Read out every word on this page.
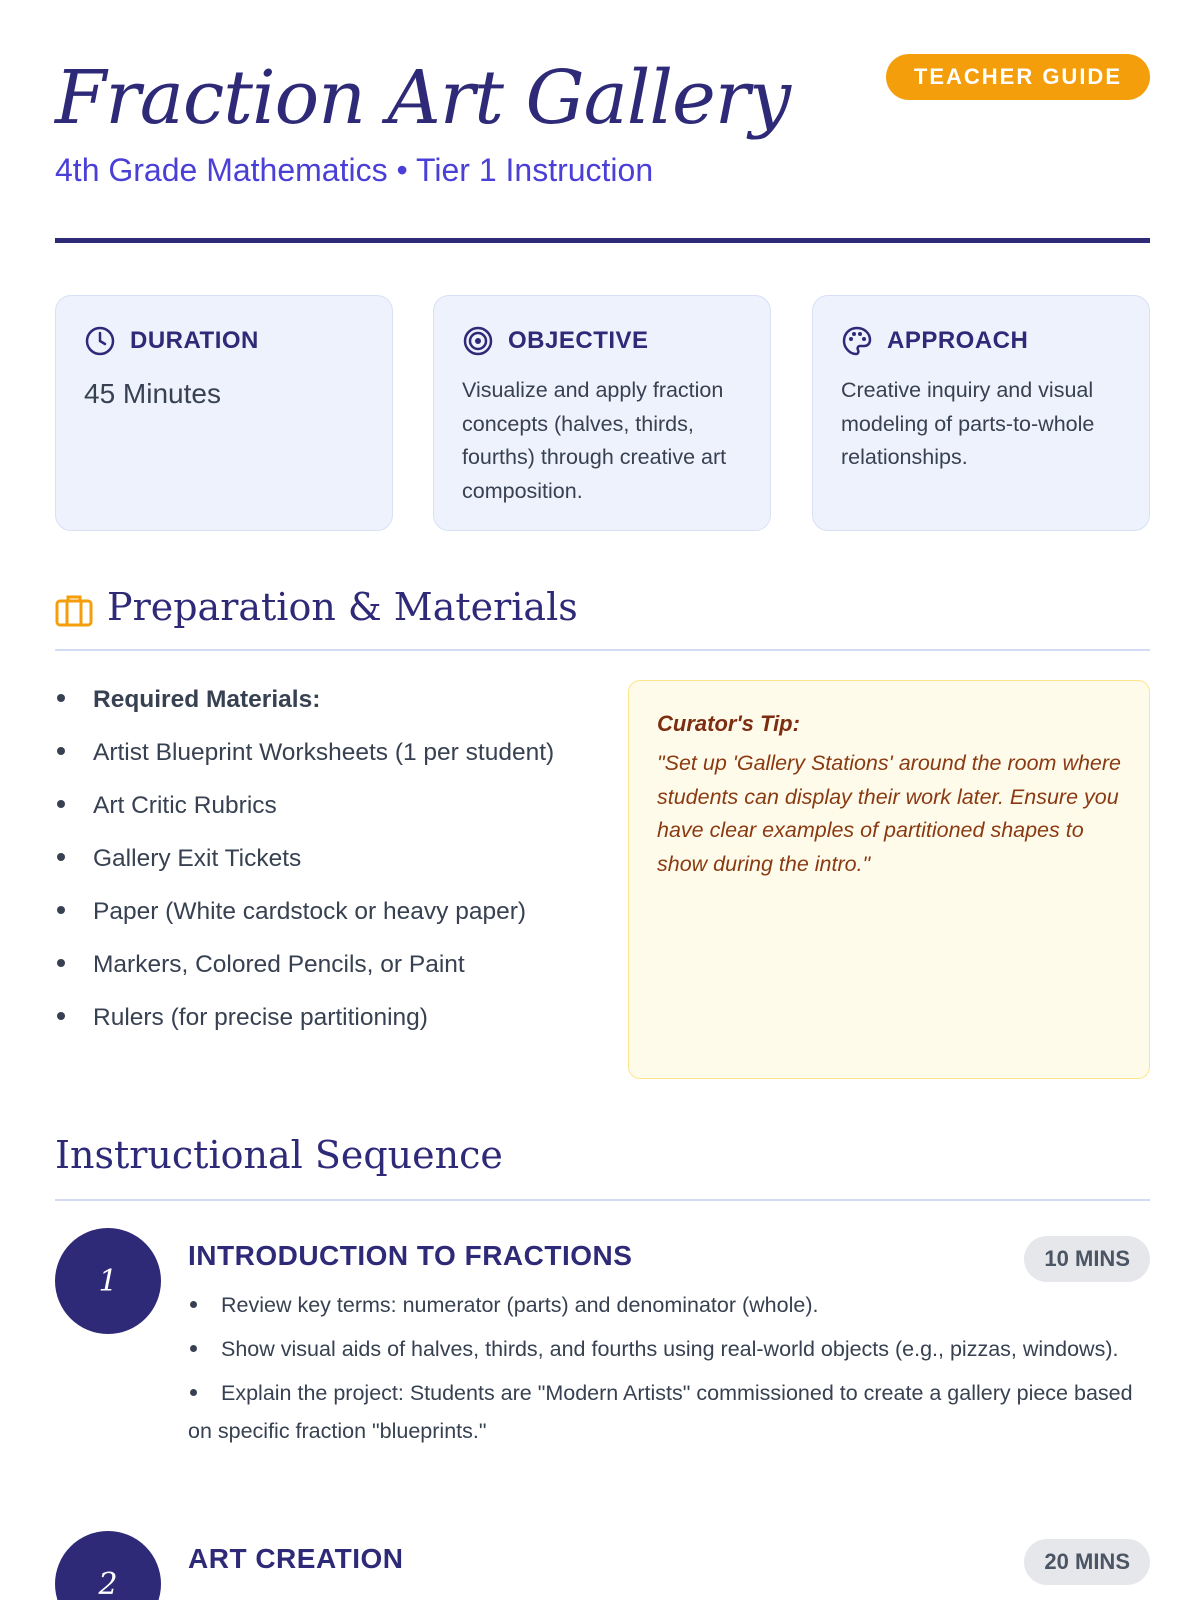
Fraction Art Gallery
4th Grade Mathematics • Tier 1 Instruction
TEACHER GUIDE
DURATION
45 Minutes
OBJECTIVE
Visualize and apply fraction concepts (halves, thirds, fourths) through creative art composition.
APPROACH
Creative inquiry and visual modeling of parts-to-whole relationships.
Preparation & Materials
Required Materials:
Artist Blueprint Worksheets (1 per student)
Art Critic Rubrics
Gallery Exit Tickets
Paper (White cardstock or heavy paper)
Markers, Colored Pencils, or Paint
Rulers (for precise partitioning)
Curator's Tip:
"Set up 'Gallery Stations' around the room where students can display their work later. Ensure you have clear examples of partitioned shapes to show during the intro."
Instructional Sequence
1
INTRODUCTION TO FRACTIONS	10 MINS
Review key terms: numerator (parts) and denominator (whole).
Show visual aids of halves, thirds, and fourths using real-world objects (e.g., pizzas, windows).
Explain the project: Students are "Modern Artists" commissioned to create a gallery piece based on specific fraction "blueprints."
2
ART CREATION	20 MINS
